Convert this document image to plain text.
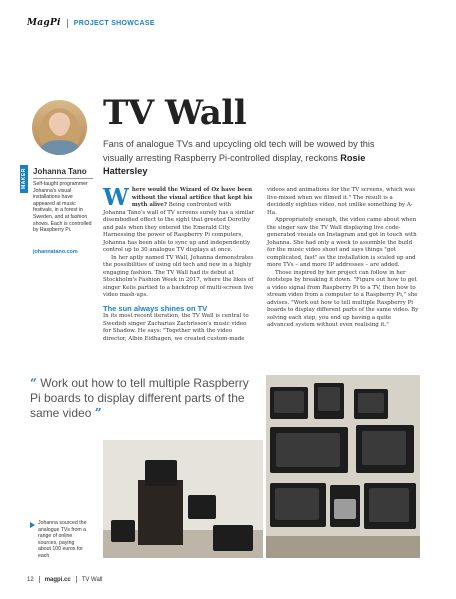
MagPi PROJECT SHOWCASE
MAKER Johanna Tano
Self-taught programmer Johanna's visual installations have appeared at music festivals, in a forest in Sweden, and at fashion shows. Each is controlled by Raspberry Pi.
johannatano.com
TV Wall
Fans of analogue TVs and upcycling old tech will be wowed by this visually arresting Raspberry Pi-controlled display, reckons Rosie Hattersley

Where would the Wizard of Oz have been without the visual artifice that kept his myth alive? Being confronted with Johanna Tano's wall of TV screens surely has a similar disembodied effect to the sight that greeted Dorothy and pals when they entered the Emerald City. Harnessing the power of Raspberry Pi computers, Johanna has been able to sync up and independently control up to 30 analogue TV displays at once.

In her aptly named TV Wall, Johanna demonstrates the possibilities of using old tech and new in a highly engaging fashion. The TV Wall had its debut at Stockholm's Fashion Week in 2017, where the likes of singer Kelis partied to a backdrop of multi-screen live video mash-ups.

The sun always shines on TV

In its most recent iteration, the TV Wall is central to Swedish singer Zacharias Zachrisson's music video for Shadow. He says: "Together with the video director, Albin Eidhagen, we created custom-made

videos and animations for the TV screens, which was live-mixed when we filmed it." The result is a decidedly eighties video, not unlike something by A-Ha.

Appropriately enough, the video came about when the singer saw the TV Wall displaying live code-generated visuals on Instagram and got in touch with Johanna. She had only a week to assemble the build for the music video shoot and says things "got complicated, fast" as the installation is scaled up and more TVs – and more IP addresses – are added.

Those inspired by her project can follow in her footsteps by breaking it down. "Figure out how to get a video signal from Raspberry Pi to a TV, then how to stream video from a computer to a Raspberry Pi," she advises. "Work out how to tell multiple Raspberry Pi boards to display different parts of the same video. By solving each step, you end up having a quite advanced system without even realising it."

“ Work out how to tell multiple Raspberry Pi boards to display different parts of the same video ”
Johanna sourced the analogue TVs from a range of online sources, paying about 100 euros for each
12 magpi.cc TV Wall
